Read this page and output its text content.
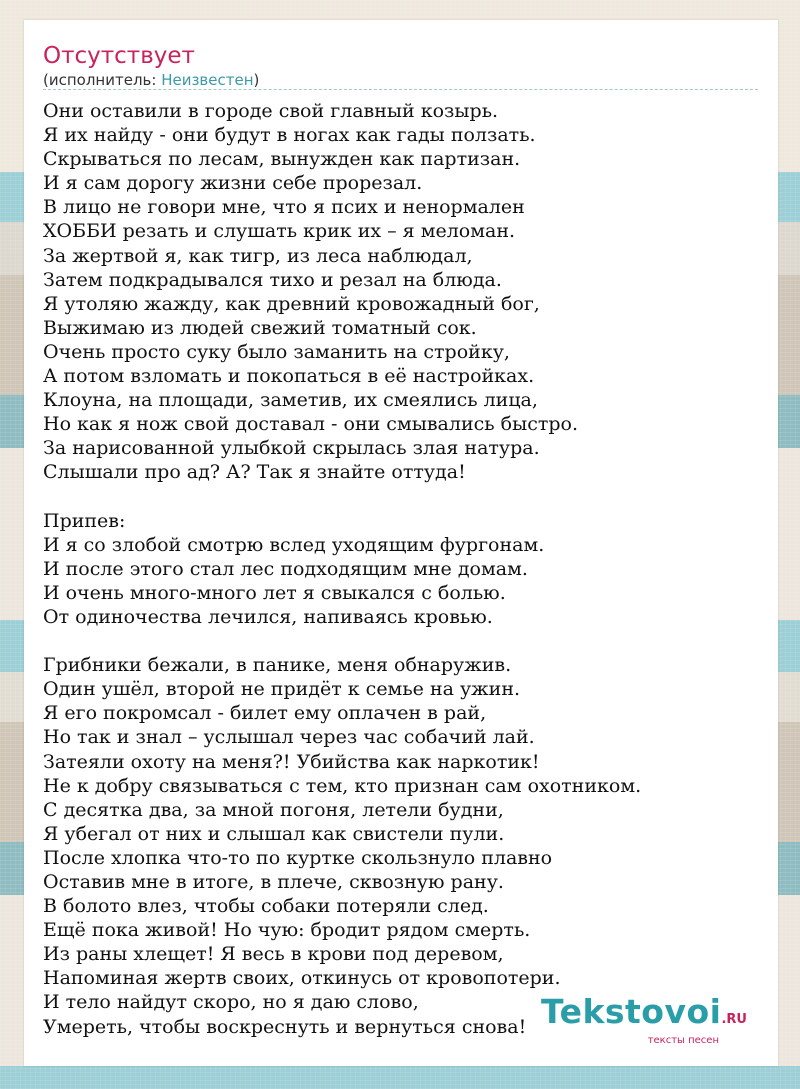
Отсутствует
(исполнитель: Неизвестен)
Они оставили в городе свой главный козырь.
Я их найду - они будут в ногах как гады ползать.
Скрываться по лесам, вынужден как партизан.
И я сам дорогу жизни себе прорезал.
В лицо не говори мне, что я псих и ненормален
ХОББИ резать и слушать крик их – я меломан.
За жертвой я, как тигр, из леса наблюдал,
Затем подкрадывался тихо и резал на блюда.
Я утоляю жажду, как древний кровожадный бог,
Выжимаю из людей свежий томатный сок.
Очень просто суку было заманить на стройку,
А потом взломать и покопаться в её настройках.
Клоуна, на площади, заметив, их смеялись лица,
Но как я нож свой доставал - они смывались быстро.
За нарисованной улыбкой скрылась злая натура.
Слышали про ад? А? Так я знайте оттуда!
Припев:
И я со злобой смотрю вслед уходящим фургонам.
И после этого стал лес подходящим мне домам.
И очень много-много лет я свыкался с болью.
От одиночества лечился, напиваясь кровью.
Грибники бежали, в панике, меня обнаружив.
Один ушёл, второй не придёт к семье на ужин.
Я его покромсал - билет ему оплачен в рай,
Но так и знал – услышал через час собачий лай.
Затеяли охоту на меня?! Убийства как наркотик!
Не к добру связываться с тем, кто признан сам охотником.
С десятка два, за мной погоня, летели будни,
Я убегал от них и слышал как свистели пули.
После хлопка что-то по куртке скользнуло плавно
Оставив мне в итоге, в плече, сквозную рану.
В болото влез, чтобы собаки потеряли след.
Ещё пока живой! Но чую: бродит рядом смерть.
Из раны хлещет! Я весь в крови под деревом,
Напоминая жертв своих, откинусь от кровопотери.
И тело найдут скоро, но я даю слово,
Умереть, чтобы воскреснуть и вернуться снова! Tekstovoi.RU
тексты песен
